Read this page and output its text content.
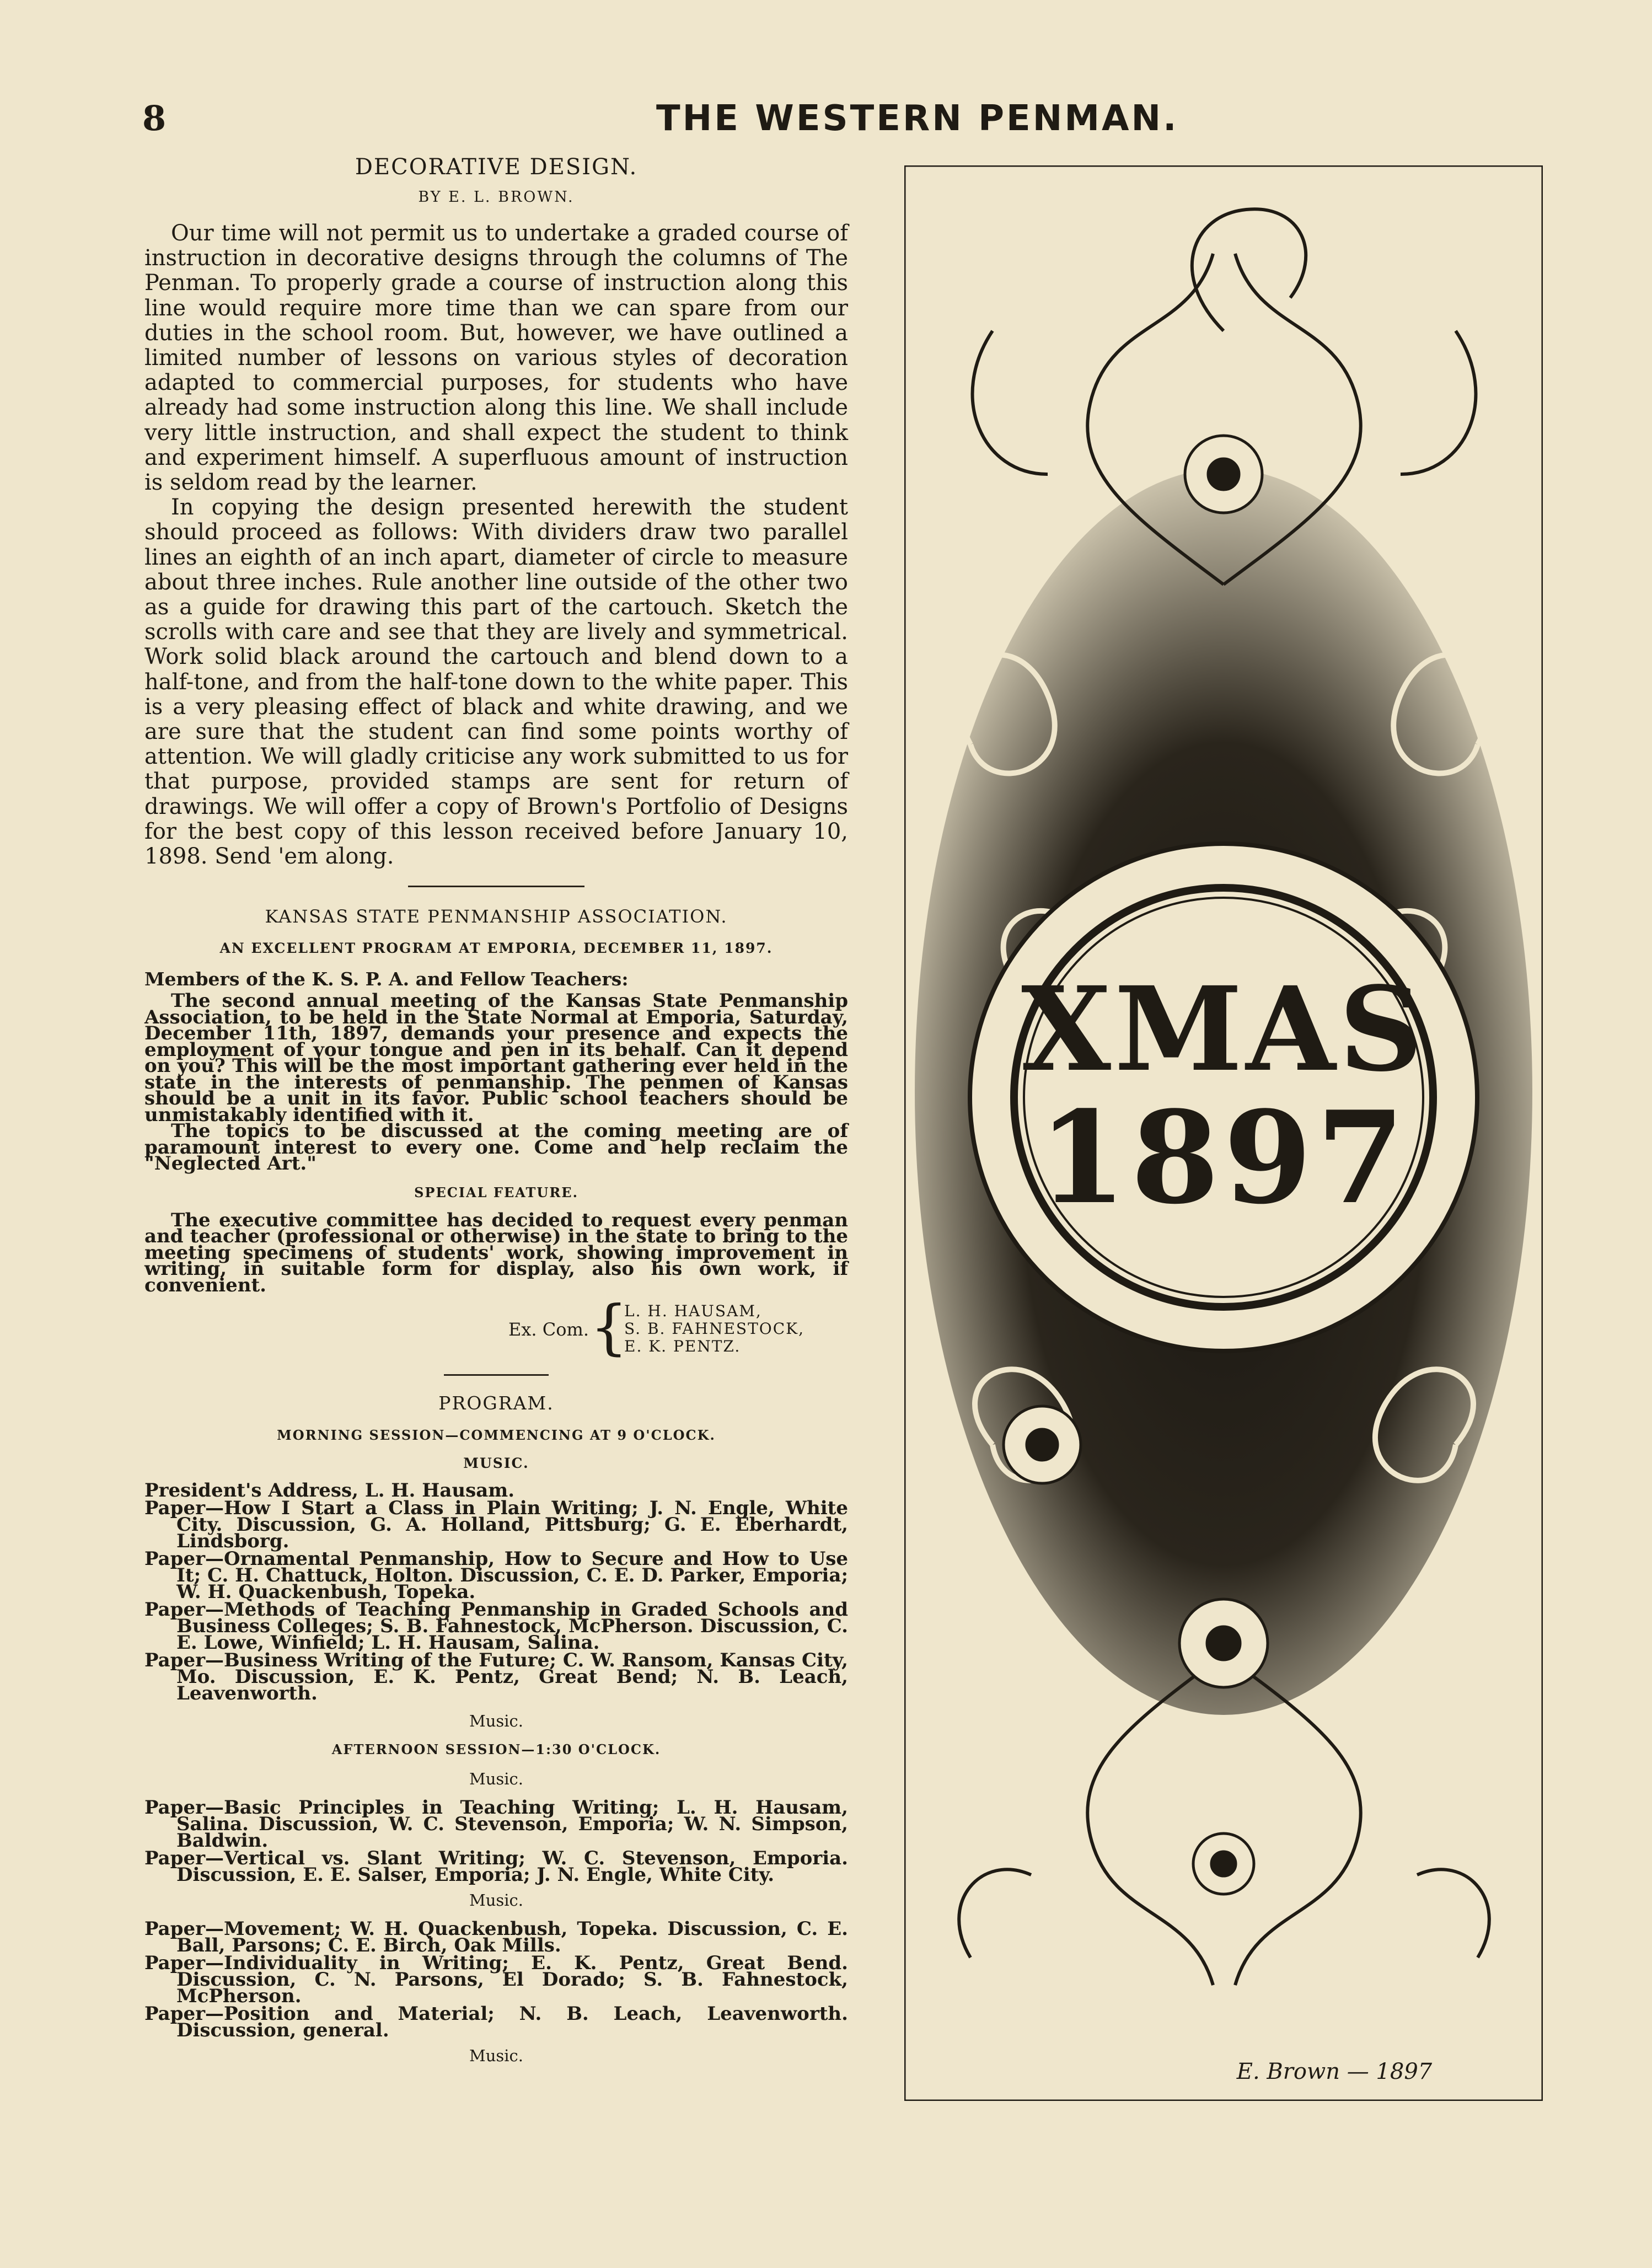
8	THE WESTERN PENMAN.
DECORATIVE DESIGN.
BY E. L. BROWN.

Our time will not permit us to undertake a graded course of instruction in decorative designs through the columns of The Penman. To properly grade a course of instruction along this line would require more time than we can spare from our duties in the school room. But, however, we have outlined a limited number of lessons on various styles of decoration adapted to commercial purposes, for students who have already had some instruction along this line. We shall include very little instruction, and shall expect the student to think and experiment himself. A superfluous amount of instruction is seldom read by the learner.

In copying the design presented herewith the student should proceed as follows: With dividers draw two parallel lines an eighth of an inch apart, diameter of circle to measure about three inches. Rule another line outside of the other two as a guide for drawing this part of the cartouch. Sketch the scrolls with care and see that they are lively and symmetrical. Work solid black around the cartouch and blend down to a half-tone, and from the half-tone down to the white paper. This is a very pleasing effect of black and white drawing, and we are sure that the student can find some points worthy of attention. We will gladly criticise any work submitted to us for that purpose, provided stamps are sent for return of drawings. We will offer a copy of Brown's Portfolio of Designs for the best copy of this lesson received before January 10, 1898. Send 'em along.

KANSAS STATE PENMANSHIP ASSOCIATION.
AN EXCELLENT PROGRAM AT EMPORIA, DECEMBER 11, 1897.
Members of the K. S. P. A. and Fellow Teachers:

The second annual meeting of the Kansas State Penmanship Association, to be held in the State Normal at Emporia, Saturday, December 11th, 1897, demands your presence and expects the employment of your tongue and pen in its behalf. Can it depend on you? This will be the most important gathering ever held in the state in the interests of penmanship. The penmen of Kansas should be a unit in its favor. Public school teachers should be unmistakably identified with it.

The topics to be discussed at the coming meeting are of paramount interest to every one. Come and help reclaim the "Neglected Art."

SPECIAL FEATURE.

The executive committee has decided to request every penman and teacher (professional or otherwise) in the state to bring to the meeting specimens of students' work, showing improvement in writing, in suitable form for display, also his own work, if convenient.

Ex. Com. {
L. H. HAUSAM,
S. B. FAHNESTOCK,
E. K. PENTZ.
PROGRAM.
MORNING SESSION—COMMENCING AT 9 O'CLOCK.
MUSIC.

President's Address, L. H. Hausam.

Paper—How I Start a Class in Plain Writing; J. N. Engle, White City. Discussion, G. A. Holland, Pittsburg; G. E. Eberhardt, Lindsborg.

Paper—Ornamental Penmanship, How to Secure and How to Use It; C. H. Chattuck, Holton. Discussion, C. E. D. Parker, Emporia; W. H. Quackenbush, Topeka.

Paper—Methods of Teaching Penmanship in Graded Schools and Business Colleges; S. B. Fahnestock, McPherson. Discussion, C. E. Lowe, Winfield; L. H. Hausam, Salina.

Paper—Business Writing of the Future; C. W. Ransom, Kansas City, Mo. Discussion, E. K. Pentz, Great Bend; N. B. Leach, Leavenworth.

Music.
AFTERNOON SESSION—1:30 O'CLOCK.
Music.

Paper—Basic Principles in Teaching Writing; L. H. Hausam, Salina. Discussion, W. C. Stevenson, Emporia; W. N. Simpson, Baldwin.

Paper—Vertical vs. Slant Writing; W. C. Stevenson, Emporia. Discussion, E. E. Salser, Emporia; J. N. Engle, White City.

Music.

Paper—Movement; W. H. Quackenbush, Topeka. Discussion, C. E. Ball, Parsons; C. E. Birch, Oak Mills.

Paper—Individuality in Writing; E. K. Pentz, Great Bend. Discussion, C. N. Parsons, El Dorado; S. B. Fahnestock, McPherson.

Paper—Position and Material; N. B. Leach, Leavenworth. Discussion, general.

Music.
XMAS
1897
E. Brown — 1897
